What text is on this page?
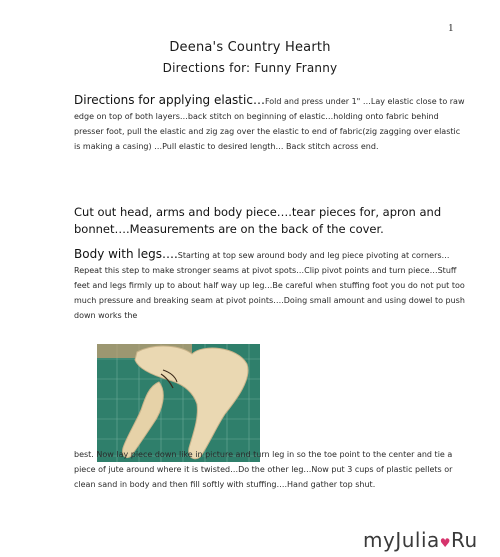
1
Deena's Country Hearth
Directions for: Funny Franny
Directions for applying elastic…Fold and press under 1" …Lay elastic close to raw edge on top of both layers…back stitch on beginning of elastic…holding onto fabric behind presser foot, pull the elastic and zig zag over the elastic to end of fabric(zig zagging over elastic is making a casing) …Pull elastic to desired length… Back stitch across end.
Cut out head, arms and body piece….tear pieces for, apron and bonnet….Measurements are on the back of the cover.
Body with legs….Starting at top sew around body and leg piece pivoting at corners…Repeat this step to make stronger seams at pivot spots…Clip pivot points and turn piece…Stuff feet and legs firmly up to about half way up leg…Be careful when stuffing foot you do not put too much pressure and breaking seam at pivot points….Doing small amount and using dowel to push down works the
best. Now lay piece down like in picture and turn leg in so the toe point to the center and tie a piece of jute around where it is twisted…Do the other leg…Now put 3 cups of plastic pellets or clean sand in body and then fill softly with stuffing….Hand gather top shut.
myJulia♥Ru
